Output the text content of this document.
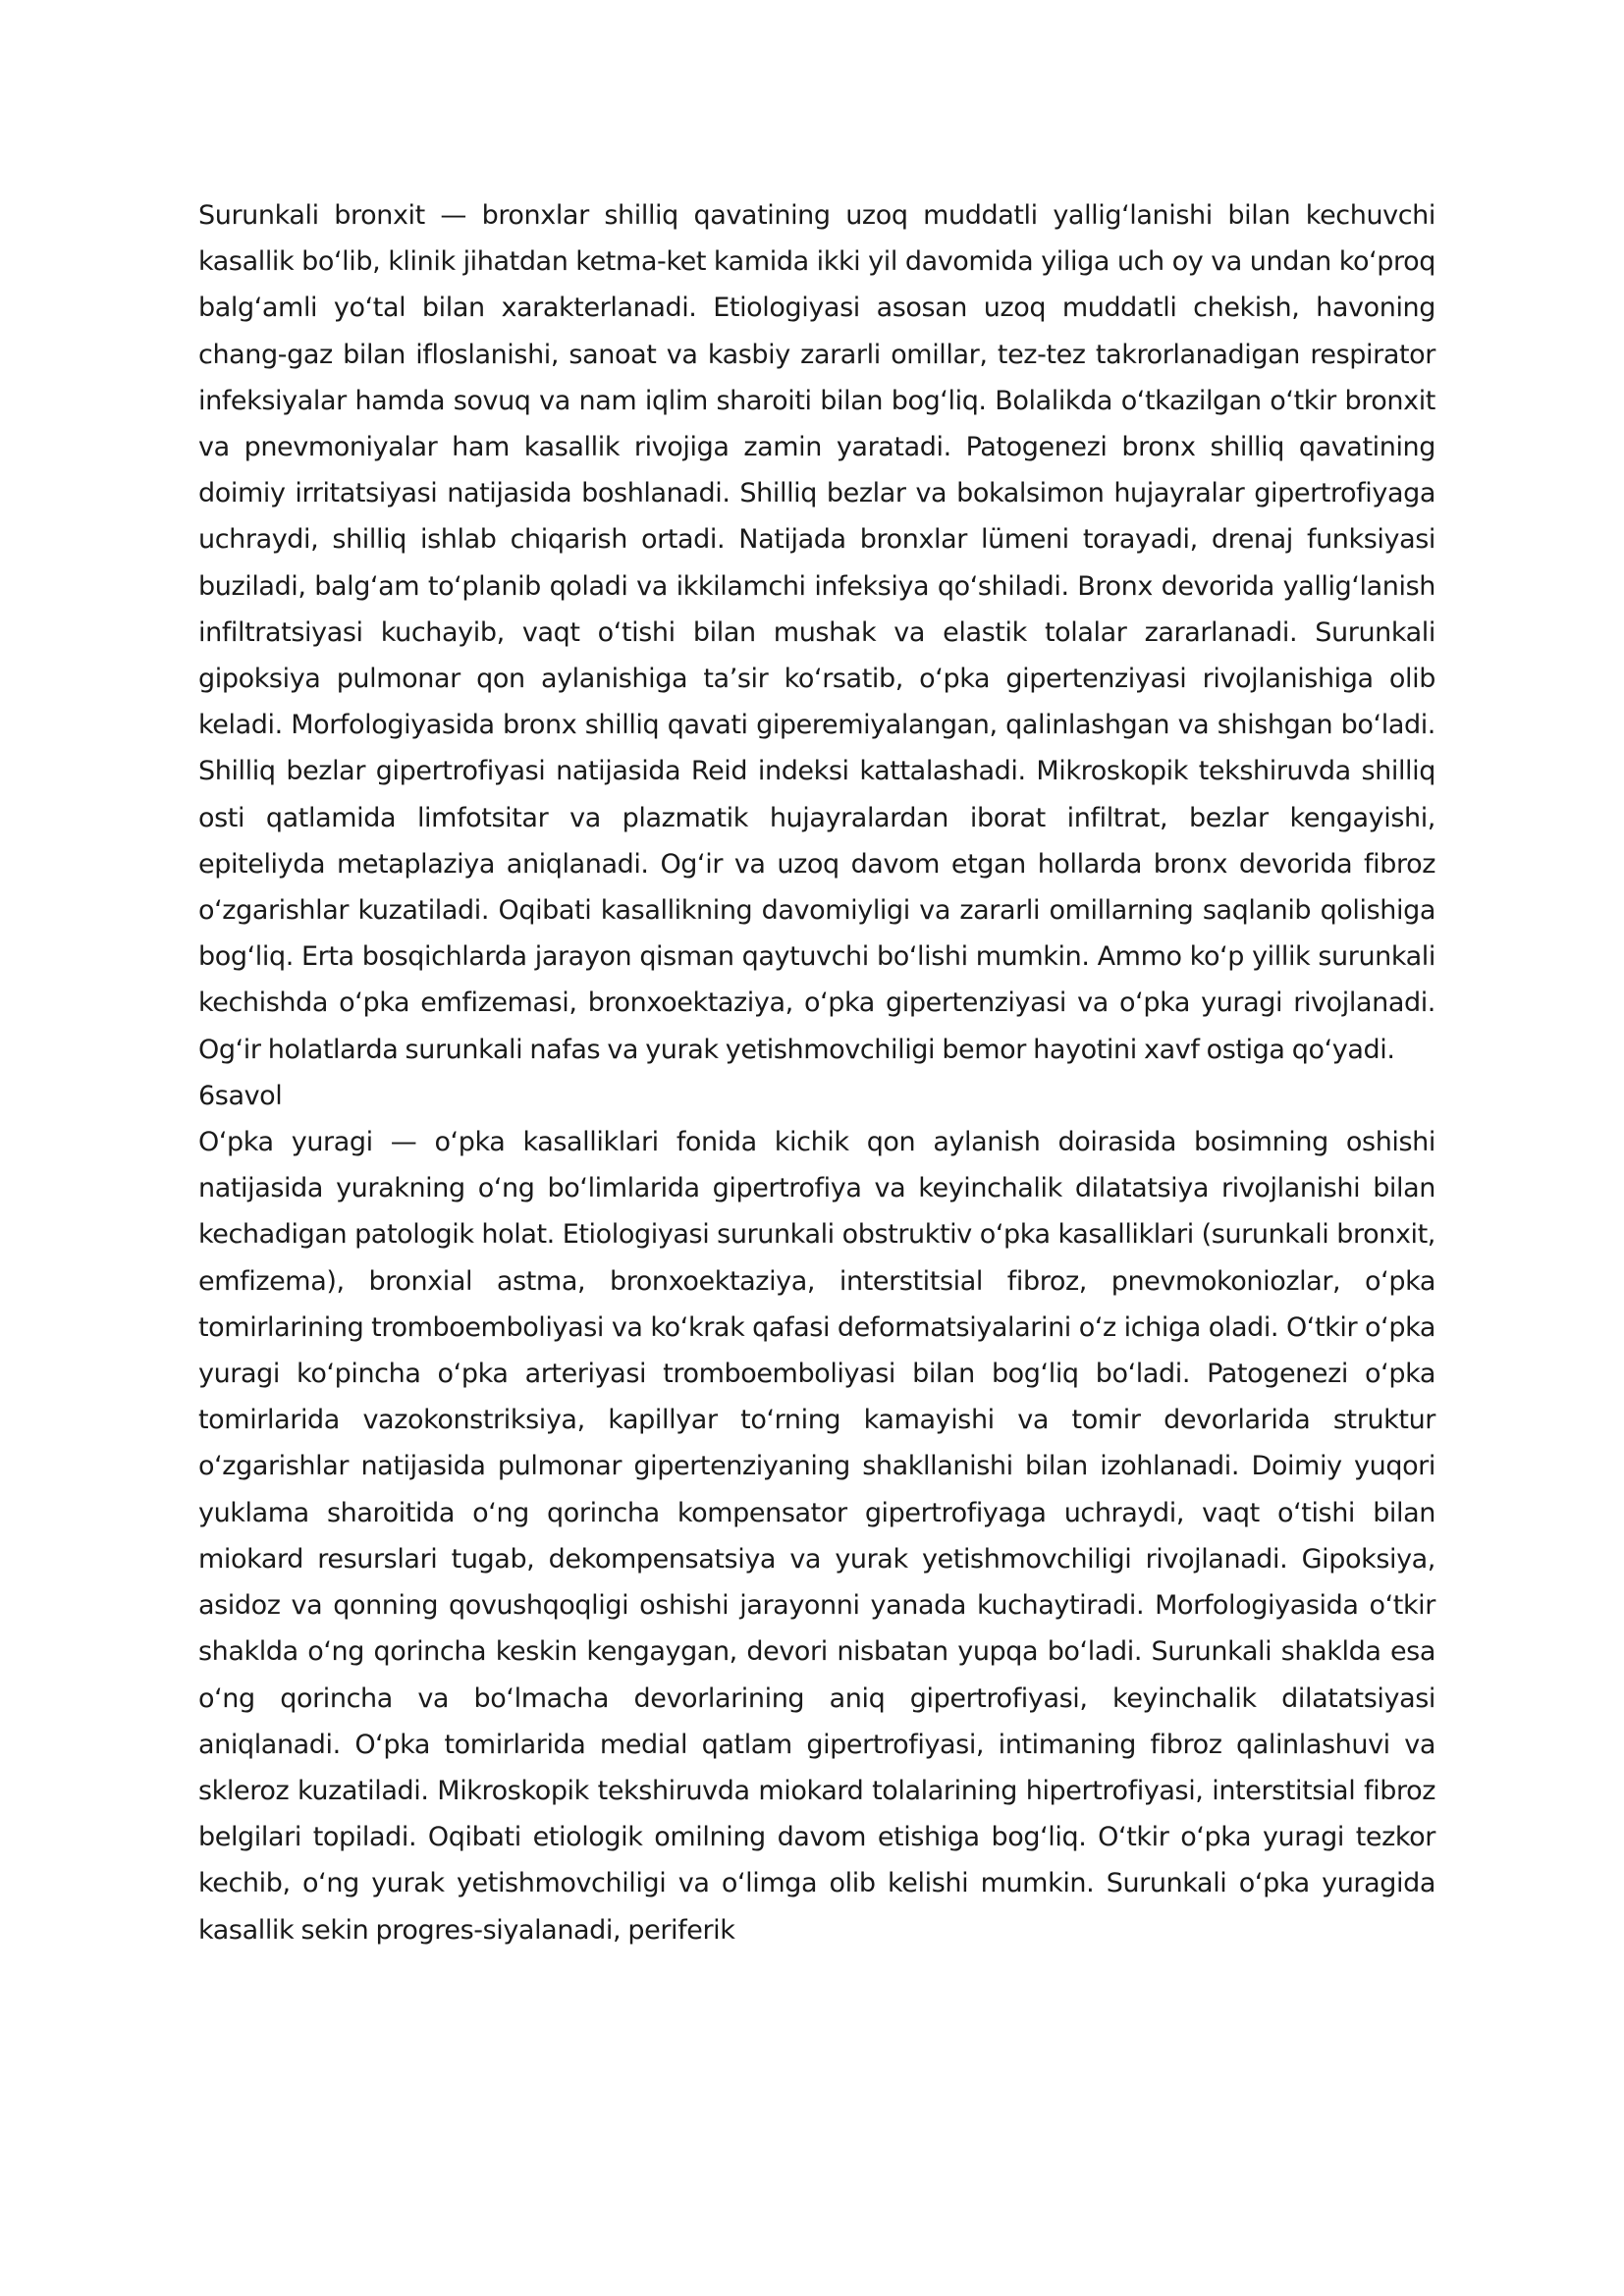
Surunkali bronxit — bronxlar shilliq qavatining uzoq muddatli yallig‘lanishi bilan kechuvchi kasallik bo‘lib, klinik jihatdan ketma-ket kamida ikki yil davomida yiliga uch oy va undan ko‘proq balg‘amli yo‘tal bilan xarakterlanadi. Etiologiyasi asosan uzoq muddatli chekish, havoning chang-gaz bilan ifloslanishi, sanoat va kasbiy zararli omillar, tez-tez takrorlanadigan respirator infeksiyalar hamda sovuq va nam iqlim sharoiti bilan bog‘liq. Bolalikda o‘tkazilgan o‘tkir bronxit va pnevmoniyalar ham kasallik rivojiga zamin yaratadi. Patogenezi bronx shilliq qavatining doimiy irritatsiyasi natijasida boshlanadi. Shilliq bezlar va bokalsimon hujayralar gipertrofiyaga uchraydi, shilliq ishlab chiqarish ortadi. Natijada bronxlar lümeni torayadi, drenaj funksiyasi buziladi, balg‘am to‘planib qoladi va ikkilamchi infeksiya qo‘shiladi. Bronx devorida yallig‘lanish infiltratsiyasi kuchayib, vaqt o‘tishi bilan mushak va elastik tolalar zararlanadi. Surunkali gipoksiya pulmonar qon aylanishiga ta’sir ko‘rsatib, o‘pka gipertenziyasi rivojlanishiga olib keladi. Morfologiyasida bronx shilliq qavati giperemiyalangan, qalinlashgan va shishgan bo‘ladi. Shilliq bezlar gipertrofiyasi natijasida Reid indeksi kattalashadi. Mikroskopik tekshiruvda shilliq osti qatlamida limfotsitar va plazmatik hujayralardan iborat infiltrat, bezlar kengayishi, epiteliyda metaplaziya aniqlanadi. Og‘ir va uzoq davom etgan hollarda bronx devorida fibroz o‘zgarishlar kuzatiladi. Oqibati kasallikning davomiyligi va zararli omillarning saqlanib qolishiga bog‘liq. Erta bosqichlarda jarayon qisman qaytuvchi bo‘lishi mumkin. Ammo ko‘p yillik surunkali kechishda o‘pka emfizemasi, bronxoektaziya, o‘pka gipertenziyasi va o‘pka yuragi rivojlanadi. Og‘ir holatlarda surunkali nafas va yurak yetishmovchiligi bemor hayotini xavf ostiga qo‘yadi.

6savol

O‘pka yuragi — o‘pka kasalliklari fonida kichik qon aylanish doirasida bosimning oshishi natijasida yurakning o‘ng bo‘limlarida gipertrofiya va keyinchalik dilatatsiya rivojlanishi bilan kechadigan patologik holat. Etiologiyasi surunkali obstruktiv o‘pka kasalliklari (surunkali bronxit, emfizema), bronxial astma, bronxoektaziya, interstitsial fibroz, pnevmokoniozlar, o‘pka tomirlarining tromboemboliyasi va ko‘krak qafasi deformatsiyalarini o‘z ichiga oladi. O‘tkir o‘pka yuragi ko‘pincha o‘pka arteriyasi tromboemboliyasi bilan bog‘liq bo‘ladi. Patogenezi o‘pka tomirlarida vazokonstriksiya, kapillyar to‘rning kamayishi va tomir devorlarida struktur o‘zgarishlar natijasida pulmonar gipertenziyaning shakllanishi bilan izohlanadi. Doimiy yuqori yuklama sharoitida o‘ng qorincha kompensator gipertrofiyaga uchraydi, vaqt o‘tishi bilan miokard resurslari tugab, dekompensatsiya va yurak yetishmovchiligi rivojlanadi. Gipoksiya, asidoz va qonning qovushqoqligi oshishi jarayonni yanada kuchaytiradi. Morfologiyasida o‘tkir shaklda o‘ng qorincha keskin kengaygan, devori nisbatan yupqa bo‘ladi. Surunkali shaklda esa o‘ng qorincha va bo‘lmacha devorlarining aniq gipertrofiyasi, keyinchalik dilatatsiyasi aniqlanadi. O‘pka tomirlarida medial qatlam gipertrofiyasi, intimaning fibroz qalinlashuvi va skleroz kuzatiladi. Mikroskopik tekshiruvda miokard tolalarining hipertrofiyasi, interstitsial fibroz belgilari topiladi. Oqibati etiologik omilning davom etishiga bog‘liq. O‘tkir o‘pka yuragi tezkor kechib, o‘ng yurak yetishmovchiligi va o‘limga olib kelishi mumkin. Surunkali o‘pka yuragida kasallik sekin progres-siyalanadi, periferik
